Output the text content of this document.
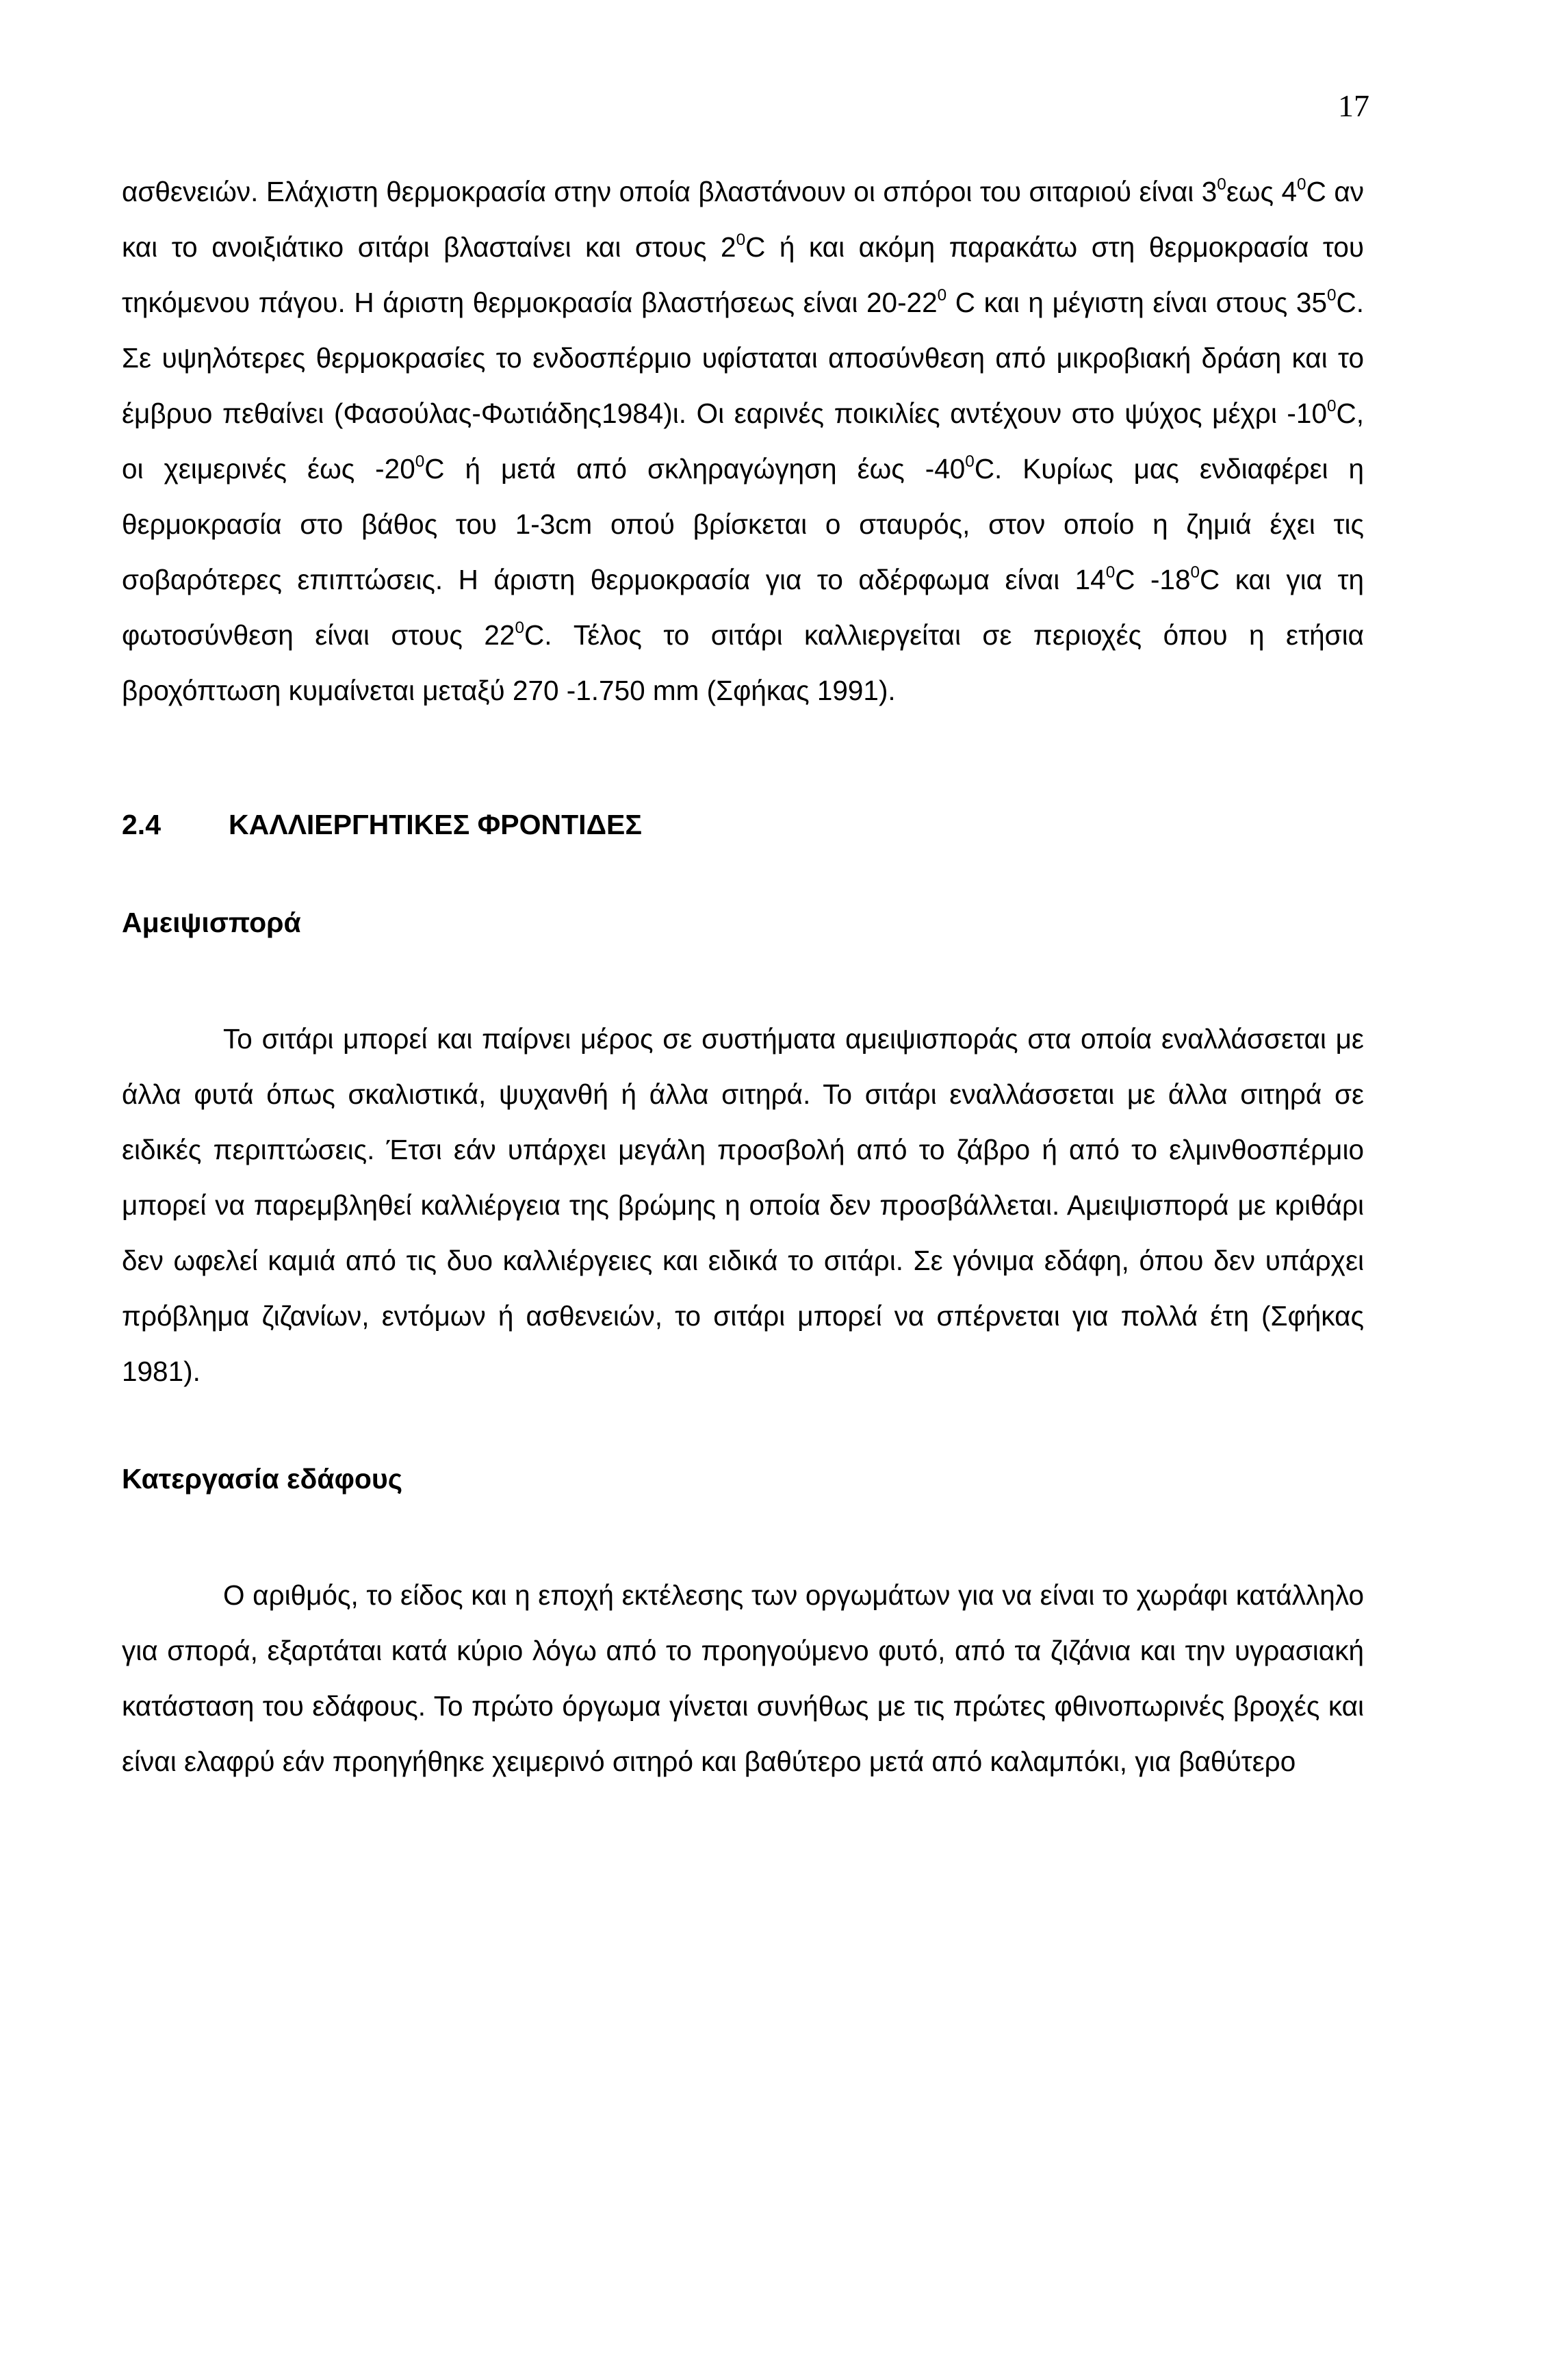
17

ασθενειών. Ελάχιστη θερμοκρασία στην οποία βλαστάνουν οι σπόροι του σιταριού είναι $3^0\varepsilon\omega\varsigma$ $4^0C$ αν και το ανοιξιάτικο σιτάρι βλασταίνει και στους $2^0C$ ή και ακόμη παρακάτω στη θερμοκρασία του τηκόμενου πάγου. Η άριστη θερμοκρασία βλαστήσεως είναι $20-22^0$ C και η μέγιστη είναι στους $35^0C$. Σε υψηλότερες θερμοκρασίες το ενδοσπέρμιο υφίσταται αποσύνθεση από μικροβιακή δράση και το έμβρυο πεθαίνει (Φασούλας-Φωτιάδης1984)ι. Οι εαρινές ποικιλίες αντέχουν στο ψύχος μέχρι $-10^0C$, οι χειμερινές έως $-20^0C$ ή μετά από σκληραγώγηση έως $-40^0C$. Κυρίως μας ενδιαφέρει η θερμοκρασία στο βάθος του 1-3cm οπού βρίσκεται ο σταυρός, στον οποίο η ζημιά έχει τις σοβαρότερες επιπτώσεις. Η άριστη θερμοκρασία για το αδέρφωμα είναι $14^0C$ $-18^0C$ και για τη φωτοσύνθεση είναι στους $22^0C$. Τέλος το σιτάρι καλλιεργείται σε περιοχές όπου η ετήσια βροχόπτωση κυμαίνεται μεταξύ 270 -1.750 mm (Σφήκας 1991).

2.4	ΚΑΛΛΙΕΡΓΗΤΙΚΕΣ ΦΡΟΝΤΙΔΕΣ
Αμειψισπορά

Το σιτάρι μπορεί και παίρνει μέρος σε συστήματα αμειψισποράς στα οποία εναλλάσσεται με άλλα φυτά όπως σκαλιστικά, ψυχανθή ή άλλα σιτηρά. Το σιτάρι εναλλάσσεται με άλλα σιτηρά σε ειδικές περιπτώσεις. Έτσι εάν υπάρχει μεγάλη προσβολή από το ζάβρο ή από το ελμινθοσπέρμιο μπορεί να παρεμβληθεί καλλιέργεια της βρώμης η οποία δεν προσβάλλεται. Αμειψισπορά με κριθάρι δεν ωφελεί καμιά από τις δυο καλλιέργειες και ειδικά το σιτάρι. Σε γόνιμα εδάφη, όπου δεν υπάρχει πρόβλημα ζιζανίων, εντόμων ή ασθενειών, το σιτάρι μπορεί να σπέρνεται για πολλά έτη (Σφήκας 1981).

Κατεργασία εδάφους

Ο αριθμός, το είδος και η εποχή εκτέλεσης των οργωμάτων για να είναι το χωράφι κατάλληλο για σπορά, εξαρτάται κατά κύριο λόγω από το προηγούμενο φυτό, από τα ζιζάνια και την υγρασιακή κατάσταση του εδάφους. Το πρώτο όργωμα γίνεται συνήθως με τις πρώτες φθινοπωρινές βροχές και είναι ελαφρύ εάν προηγήθηκε χειμερινό σιτηρό και βαθύτερο μετά από καλαμπόκι, για βαθύτερο
